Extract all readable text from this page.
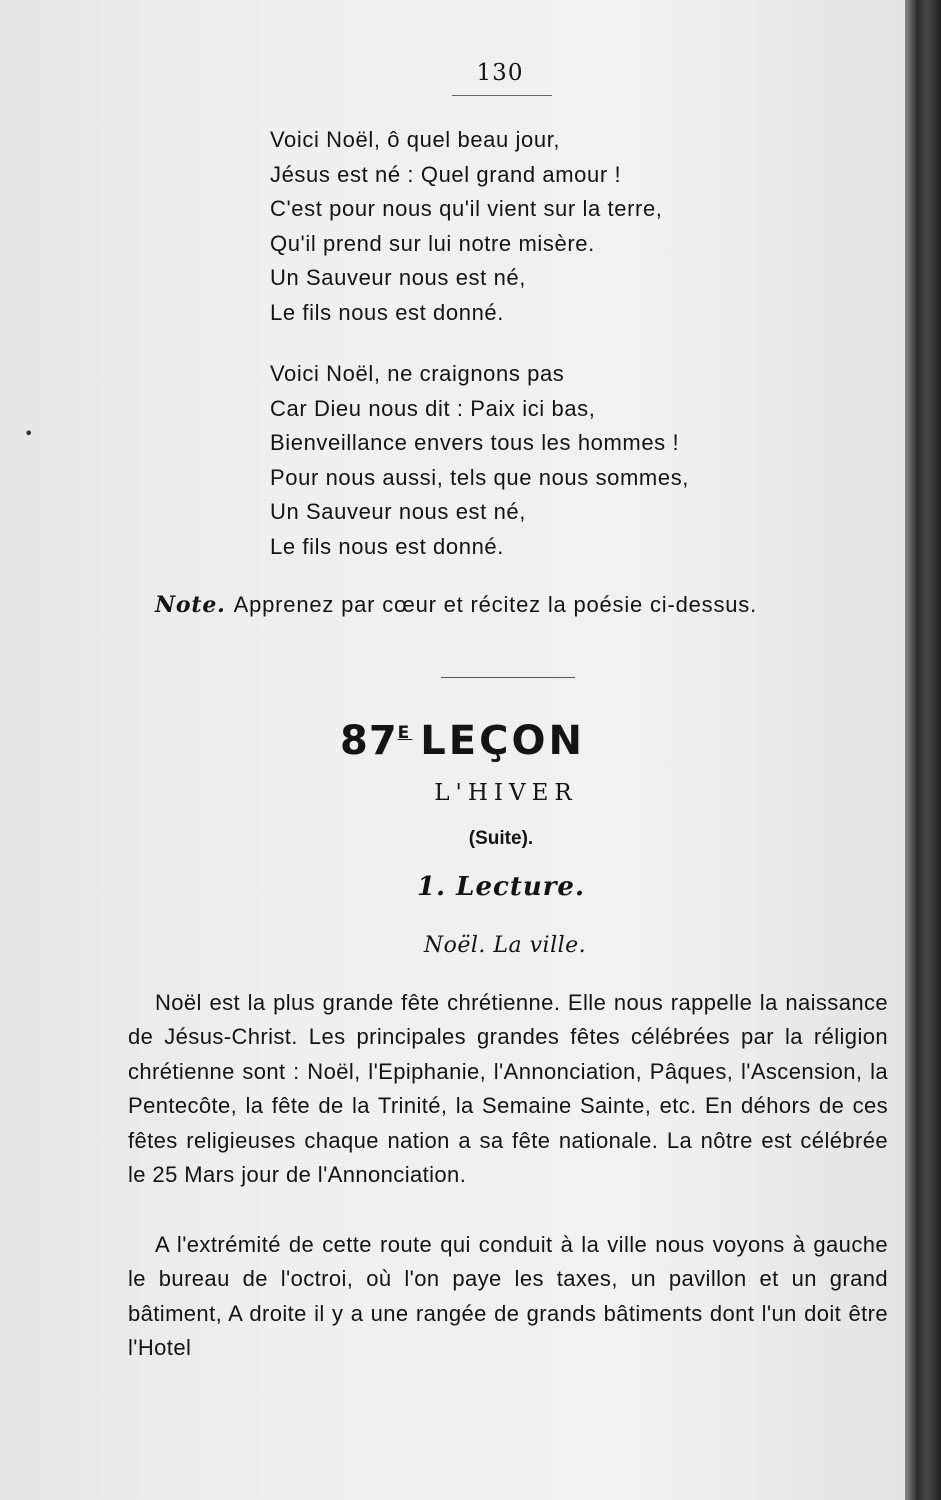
130
•
Voici Noël, ô quel beau jour,
Jésus est né : Quel grand amour !
C'est pour nous qu'il vient sur la terre,
Qu'il prend sur lui notre misère.
Un Sauveur nous est né,
Le fils nous est donné.
Voici Noël, ne craignons pas
Car Dieu nous dit : Paix ici bas,
Bienveillance envers tous les hommes !
Pour nous aussi, tels que nous sommes,
Un Sauveur nous est né,
Le fils nous est donné.
Note. Apprenez par cœur et récitez la poésie ci-dessus.
$87^E$ LEÇON
L'HIVER
(Suite).
1. Lecture.
Noël. La ville.
Noël est la plus grande fête chrétienne. Elle nous rappelle la naissance de Jésus-Christ. Les principales grandes fêtes célébrées par la réligion chrétienne sont : Noël, l'Epiphanie, l'Annonciation, Pâques, l'Ascension, la Pentecôte, la fête de la Trinité, la Semaine Sainte, etc. En déhors de ces fêtes religieuses chaque nation a sa fête nationale. La nôtre est célébrée le 25 Mars jour de l'Annonciation.
A l'extrémité de cette route qui conduit à la ville nous voyons à gauche le bureau de l'octroi, où l'on paye les taxes, un pavillon et un grand bâtiment, A droite il y a une rangée de grands bâtiments dont l'un doit être l'Hotel
